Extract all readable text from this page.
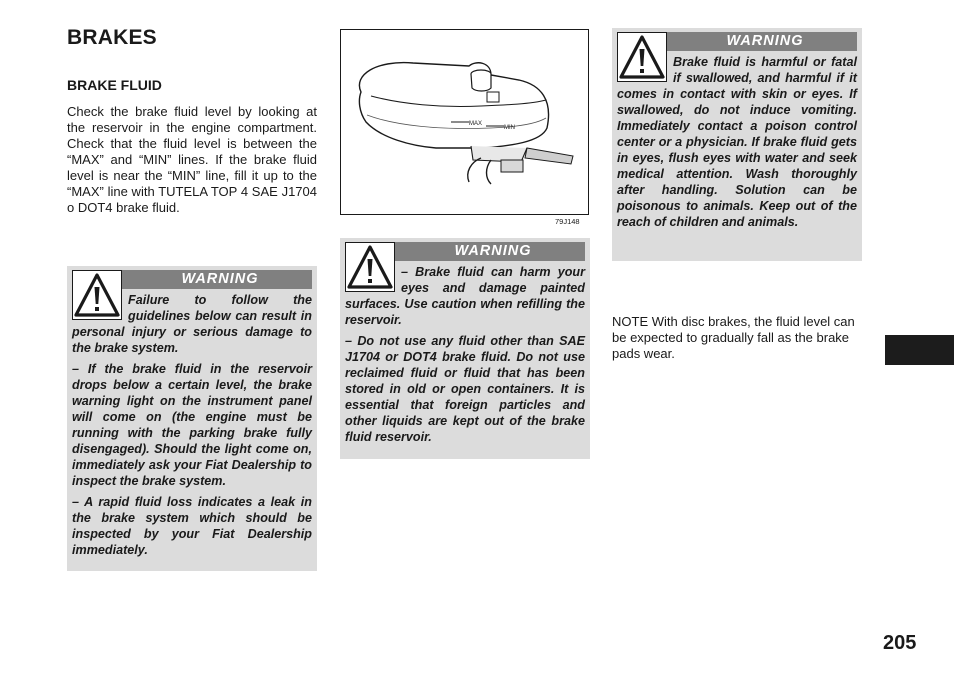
BRAKES
BRAKE FLUID

Check the brake fluid level by looking at the reservoir in the engine compartment. Check that the fluid level is between the “MAX” and “MIN” lines. If the brake fluid level is near the “MIN” line, fill it up to the “MAX” line with TUTELA TOP 4 SAE J1704 o DOT4 brake fluid.

WARNING

Failure to follow the guidelines below can result in personal injury or serious damage to the brake system.

– If the brake fluid in the reservoir drops below a certain level, the brake warning light on the instrument panel will come on (the engine must be running with the parking brake fully disengaged). Should the light come on, immediately ask your Fiat Dealership to inspect the brake system.

– A rapid fluid loss indicates a leak in the brake system which should be inspected by your Fiat Dealership immediately.

MAX
MIN
79J148
WARNING

– Brake fluid can harm your eyes and damage painted surfaces. Use caution when refilling the reservoir.

– Do not use any fluid other than SAE J1704 or DOT4 brake fluid. Do not use reclaimed fluid or fluid that has been stored in old or open containers. It is essential that foreign particles and other liquids are kept out of the brake fluid reservoir.

WARNING

Brake fluid is harmful or fatal if swallowed, and harmful if it comes in contact with skin or eyes. If swallowed, do not induce vomiting. Immediately contact a poison control center or a physician. If brake fluid gets in eyes, flush eyes with water and seek medical attention. Wash thoroughly after handling. Solution can be poisonous to animals. Keep out of the reach of children and animals.

NOTE With disc brakes, the fluid level can be expected to gradually fall as the brake pads wear.

205
